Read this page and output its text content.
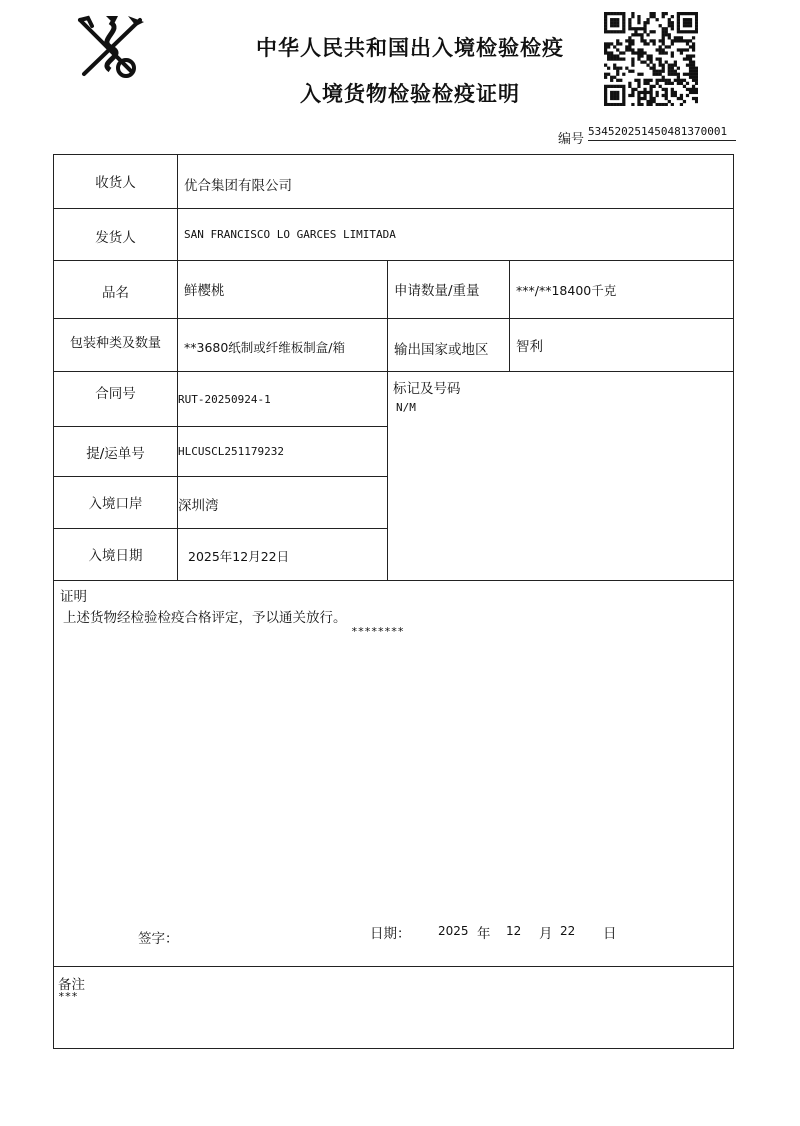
中华人民共和国出入境检验检疫
入境货物检验检疫证明
编号
534520251450481370001
收货人	优合集团有限公司
发货人	SAN FRANCISCO LO GARCES LIMITADA
品名	鲜樱桃	申请数量/重量	***/**18400千克
包装种类及数量	**3680纸制或纤维板制盒/箱	输出国家或地区 智利
合同号	RUT-20250924-1
提/运单号	HLCUSCL251179232
入境口岸	深圳湾
入境日期	2025年12月22日
标记及号码
N/M
证明
上述货物经检验检疫合格评定，予以通关放行。
********
签字：	日期： 2025 年 12 月 22 日
备注
***
